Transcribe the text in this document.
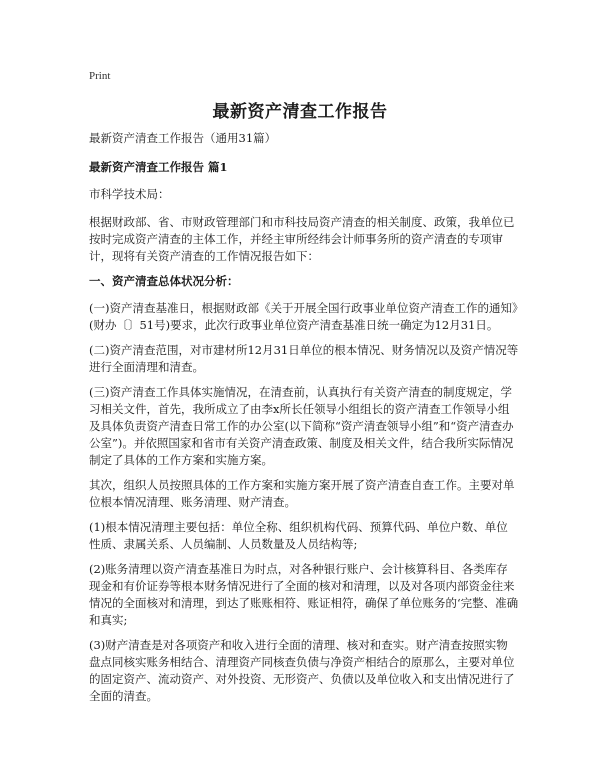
Print
最新资产清查工作报告

最新资产清查工作报告（通用31篇）

最新资产清查工作报告 篇1

市科学技术局：

根据财政部、省、市财政管理部门和市科技局资产清查的相关制度、政策，我单位已按时完成资产清查的主体工作，并经主审所经纬会计师事务所的资产清查的专项审计，现将有关资产清查的工作情况报告如下：

一、资产清查总体状况分析：

(一)资产清查基准日，根据财政部《关于开展全国行政事业单位资产清查工作的通知》(财办〔〕51号)要求，此次行政事业单位资产清查基准日统一确定为12月31日。

(二)资产清查范围，对市建材所12月31日单位的根本情况、财务情况以及资产情况等进行全面清理和清查。

(三)资产清查工作具体实施情况，在清查前，认真执行有关资产清查的制度规定，学习相关文件，首先，我所成立了由李x所长任领导小组组长的资产清查工作领导小组及具体负责资产清查日常工作的办公室(以下简称“资产清查领导小组”和“资产清查办公室”)。并依照国家和省市有关资产清查政策、制度及相关文件，结合我所实际情况制定了具体的工作方案和实施方案。

其次，组织人员按照具体的工作方案和实施方案开展了资产清查自查工作。主要对单位根本情况清理、账务清理、财产清查。

(1)根本情况清理主要包括：单位全称、组织机构代码、预算代码、单位户数、单位性质、隶属关系、人员编制、人员数量及人员结构等;

(2)账务清理以资产清查基准日为时点，对各种银行账户、会计核算科目、各类库存现金和有价证券等根本财务情况进行了全面的核对和清理，以及对各项内部资金往来情况的全面核对和清理，到达了账账相符、账证相符，确保了单位账务的‘完整、准确和真实;

(3)财产清查是对各项资产和收入进行全面的清理、核对和查实。财产清查按照实物盘点同核实账务相结合、清理资产同核查负债与净资产相结合的原那么，主要对单位的固定资产、流动资产、对外投资、无形资产、负债以及单位收入和支出情况进行了全面的清查。
